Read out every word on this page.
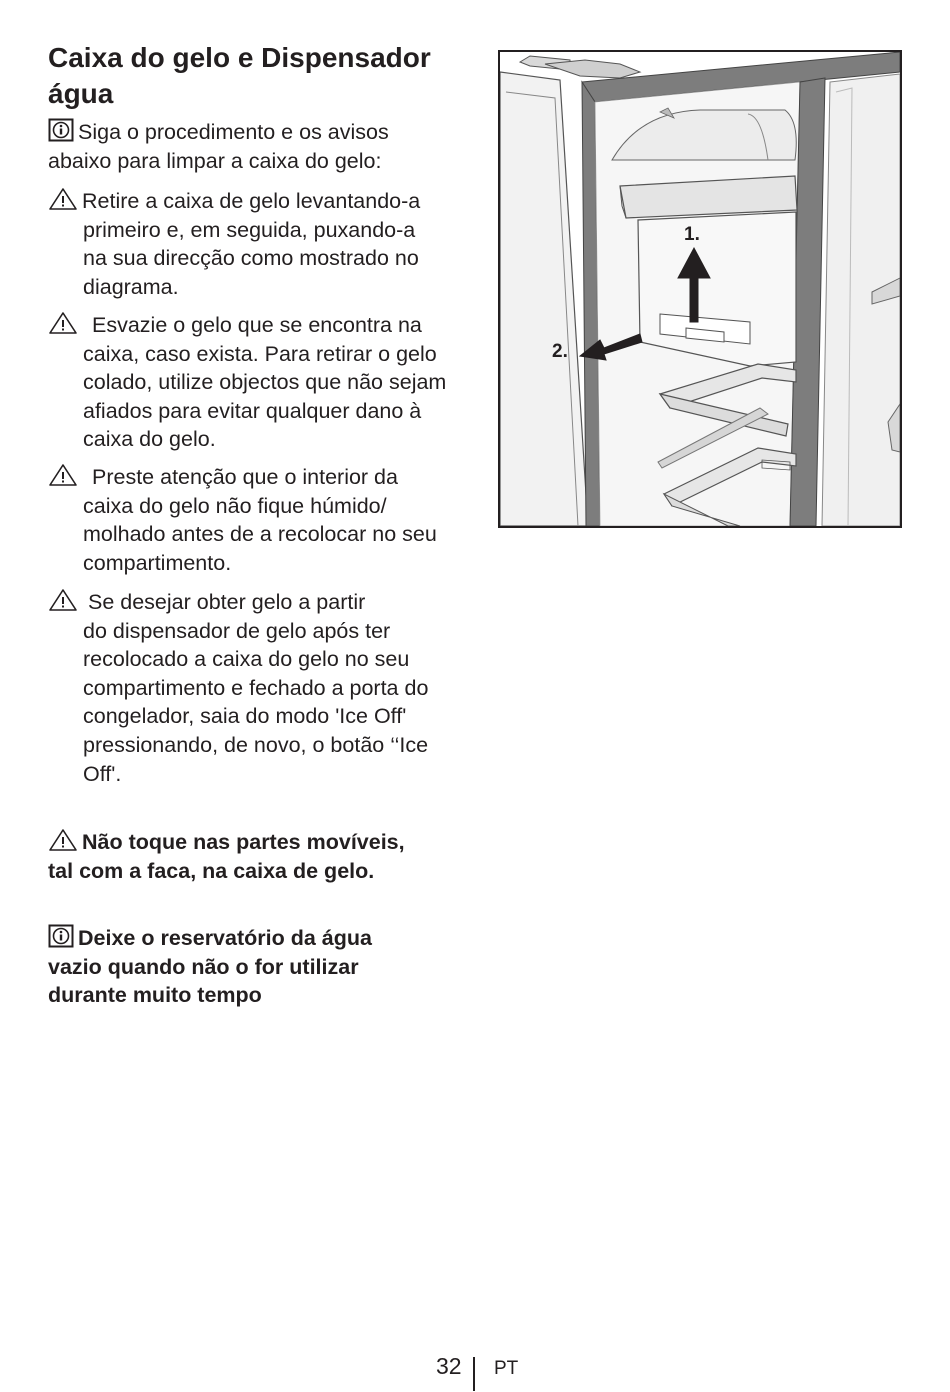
Caixa do gelo e Dispensador água
Siga o procedimento e os avisos
abaixo para limpar a caixa do gelo:
Retire a caixa de gelo levantando-a
primeiro e, em seguida, puxando-a
na sua direcção como mostrado no
diagrama.
Esvazie o gelo que se encontra na
caixa, caso exista. Para retirar o gelo
colado, utilize objectos que não sejam
afiados para evitar qualquer dano à
caixa do gelo.
Preste atenção que o interior da
caixa do gelo não fique húmido/
molhado antes de a recolocar no seu
compartimento.
Se desejar obter gelo a partir
do dispensador de gelo após ter
recolocado a caixa do gelo no seu
compartimento e fechado a porta do
congelador, saia do modo 'Ice Off'
pressionando, de novo, o botão ‘‘Ice
Off'.
Não toque nas partes movíveis,
tal com a faca, na caixa de gelo.
Deixe o reservatório da água
vazio quando não o for utilizar
durante muito tempo
1.
2.
32 PT
